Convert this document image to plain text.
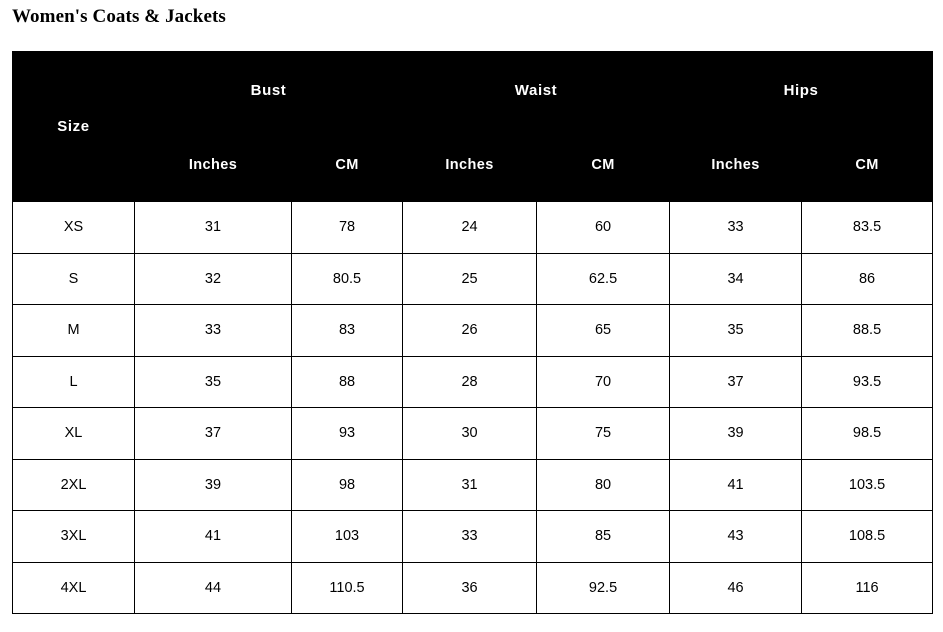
Women's Coats & Jackets
Size	Bust		Waist		Hips	
	Inches	CM	Inches	CM	Inches	CM
XS	31	78	24	60	33	83.5
S	32	80.5	25	62.5	34	86
M	33	83	26	65	35	88.5
L	35	88	28	70	37	93.5
XL	37	93	30	75	39	98.5
2XL	39	98	31	80	41	103.5
3XL	41	103	33	85	43	108.5
4XL	44	110.5	36	92.5	46	116
